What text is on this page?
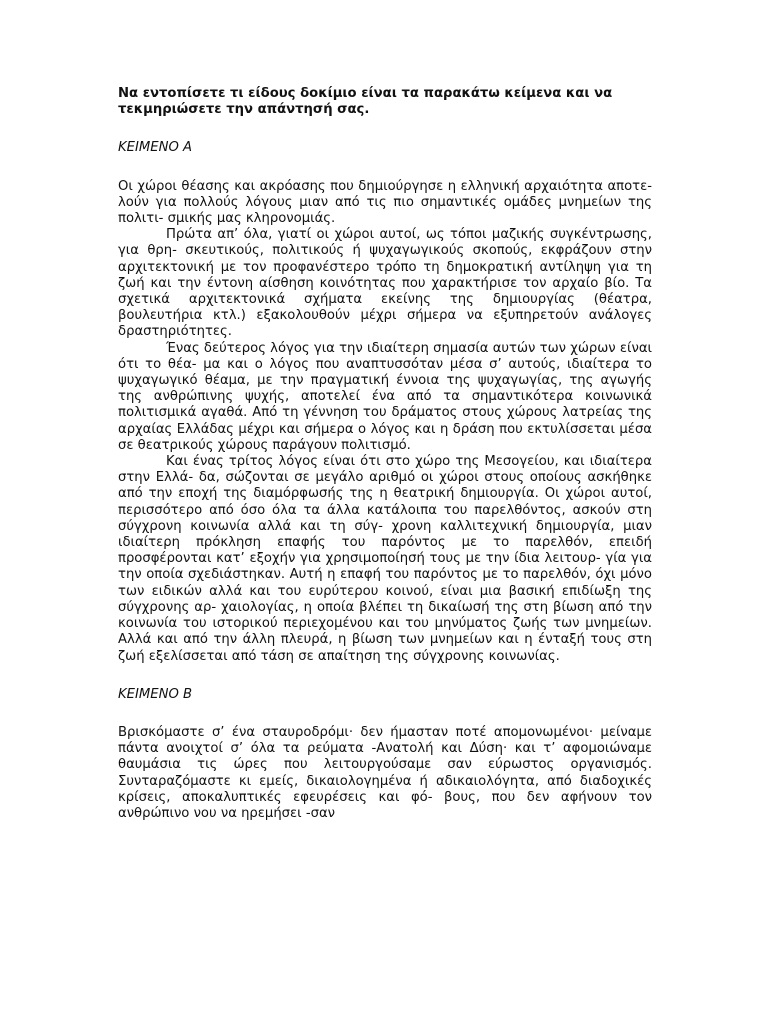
Να εντοπίσετε τι είδους δοκίμιο είναι τα παρακάτω κείμενα και να τεκμηριώσετε την απάντησή σας.

ΚΕΙΜΕΝΟ Α

Οι χώροι θέασης και ακρόασης που δημιούργησε η ελληνική αρχαιότητα αποτε- λούν για πολλούς λόγους μιαν από τις πιο σημαντικές ομάδες μνημείων της πολιτι- σμικής μας κληρονομιάς.

Πρώτα απ’ όλα, γιατί οι χώροι αυτοί, ως τόποι μαζικής συγκέντρωσης, για θρη- σκευτικούς, πολιτικούς ή ψυχαγωγικούς σκοπούς, εκφράζουν στην αρχιτεκτονική με τον προφανέστερο τρόπο τη δημοκρατική αντίληψη για τη ζωή και την έντονη αίσθηση κοινότητας που χαρακτήρισε τον αρχαίο βίο. Τα σχετικά αρχιτεκτονικά σχήματα εκείνης της δημιουργίας (θέατρα, βουλευτήρια κτλ.) εξακολουθούν μέχρι σήμερα να εξυπηρετούν ανάλογες δραστηριότητες.

Ένας δεύτερος λόγος για την ιδιαίτερη σημασία αυτών των χώρων είναι ότι το θέα- μα και ο λόγος που αναπτυσσόταν μέσα σ’ αυτούς, ιδιαίτερα το ψυχαγωγικό θέαμα, με την πραγματική έννοια της ψυχαγωγίας, της αγωγής της ανθρώπινης ψυχής, αποτελεί ένα από τα σημαντικότερα κοινωνικά πολιτισμικά αγαθά. Από τη γέννηση του δράματος στους χώρους λατρείας της αρχαίας Ελλάδας μέχρι και σήμερα ο λόγος και η δράση που εκτυλίσσεται μέσα σε θεατρικούς χώρους παράγουν πολιτισμό.

Και ένας τρίτος λόγος είναι ότι στο χώρο της Μεσογείου, και ιδιαίτερα στην Ελλά- δα, σώζονται σε μεγάλο αριθμό οι χώροι στους οποίους ασκήθηκε από την εποχή της διαμόρφωσής της η θεατρική δημιουργία. Οι χώροι αυτοί, περισσότερο από όσο όλα τα άλλα κατάλοιπα του παρελθόντος, ασκούν στη σύγχρονη κοινωνία αλλά και τη σύγ- χρονη καλλιτεχνική δημιουργία, μιαν ιδιαίτερη πρόκληση επαφής του παρόντος με το παρελθόν, επειδή προσφέρονται κατ’ εξοχήν για χρησιμοποίησή τους με την ίδια λειτουρ- γία για την οποία σχεδιάστηκαν. Αυτή η επαφή του παρόντος με το παρελθόν, όχι μόνο των ειδικών αλλά και του ευρύτερου κοινού, είναι μια βασική επιδίωξη της σύγχρονης αρ- χαιολογίας, η οποία βλέπει τη δικαίωσή της στη βίωση από την κοινωνία του ιστορικού περιεχομένου και του μηνύματος ζωής των μνημείων. Αλλά και από την άλλη πλευρά, η βίωση των μνημείων και η ένταξή τους στη ζωή εξελίσσεται από τάση σε απαίτηση της σύγχρονης κοινωνίας.

ΚΕΙΜΕΝΟ Β

Βρισκόμαστε σ’ ένα σταυροδρόμι· δεν ήμασταν ποτέ απομονωμένοι· μείναμε πάντα ανοιχτοί σ’ όλα τα ρεύματα -Ανατολή και Δύση· και τ’ αφομοιώναμε θαυμάσια τις ώρες που λειτουργούσαμε σαν εύρωστος οργανισμός. Συνταραζόμαστε κι εμείς, δικαιολογημένα ή αδικαιολόγητα, από διαδοχικές κρίσεις, αποκαλυπτικές εφευρέσεις και φό- βους, που δεν αφήνουν τον ανθρώπινο νου να ηρεμήσει -σαν
